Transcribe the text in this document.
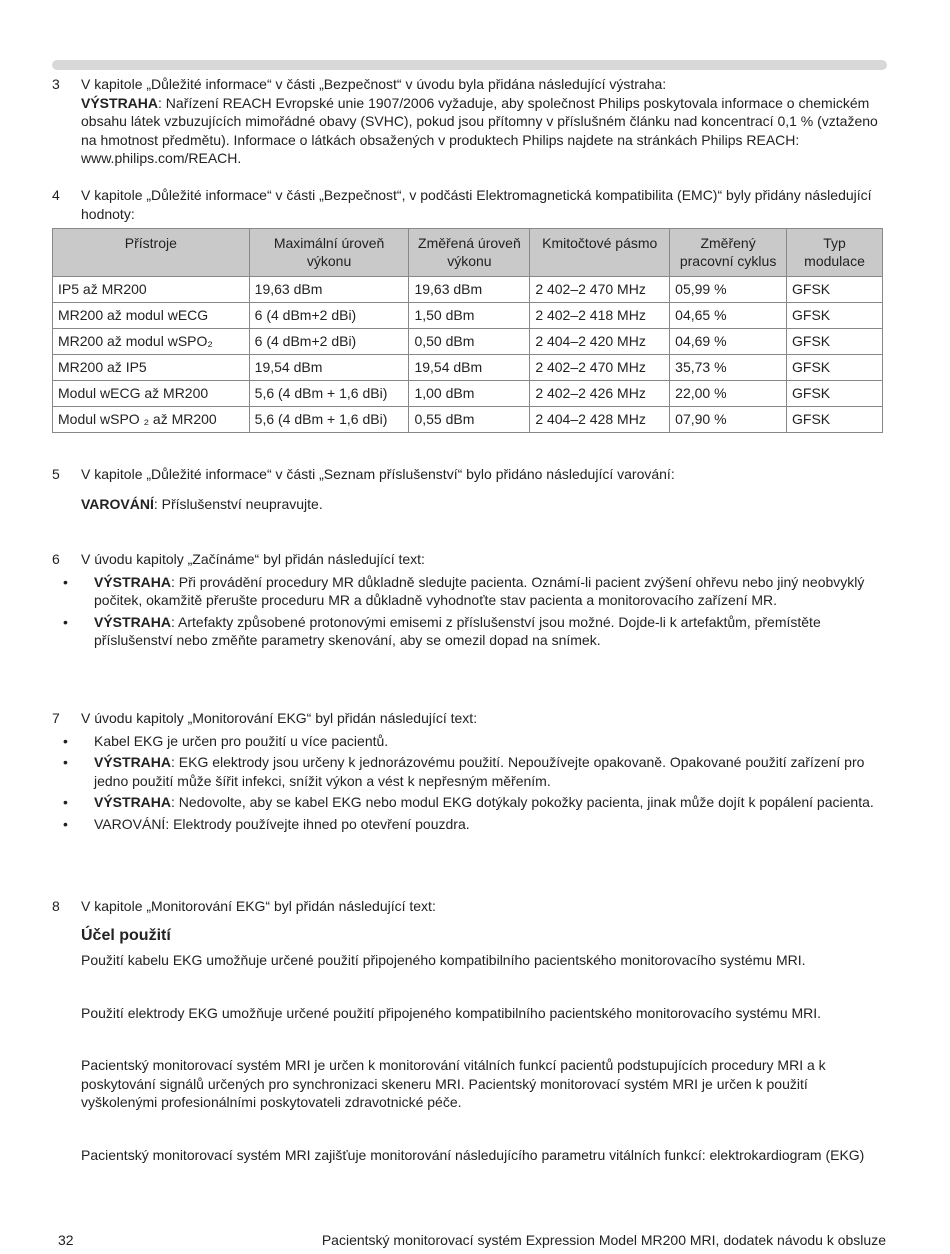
3 V kapitole „Důležité informace“ v části „Bezpečnost“ v úvodu byla přidána následující výstraha:

VÝSTRAHA: Nařízení REACH Evropské unie 1907/2006 vyžaduje, aby společnost Philips poskytovala informace o chemickém obsahu látek vzbuzujících mimořádné obavy (SVHC), pokud jsou přítomny v příslušném článku nad koncentrací 0,1 % (vztaženo na hmotnost předmětu). Informace o látkách obsažených v produktech Philips najdete na stránkách Philips REACH: www.philips.com/REACH.

4 V kapitole „Důležité informace“ v části „Bezpečnost“, v podčásti Elektromagnetická kompatibilita (EMC)“ byly přidány následující hodnoty:

Přístroje	Maximální úroveň výkonu	Změřená úroveň výkonu	Kmitočtové pásmo	Změřený pracovní cyklus	Typ modulace
IP5 až MR200	19,63 dBm	19,63 dBm	2 402–2 470 MHz	05,99 %	GFSK
MR200 až modul wECG	6 (4 dBm+2 dBi)	1,50 dBm	2 402–2 418 MHz	04,65 %	GFSK
MR200 až modul wSPO₂	6 (4 dBm+2 dBi)	0,50 dBm	2 404–2 420 MHz	04,69 %	GFSK
MR200 až IP5	19,54 dBm	19,54 dBm	2 402–2 470 MHz	35,73 %	GFSK
Modul wECG až MR200	5,6 (4 dBm + 1,6 dBi)	1,00 dBm	2 402–2 426 MHz	22,00 %	GFSK
Modul wSPO ₂ až MR200	5,6 (4 dBm + 1,6 dBi)	0,55 dBm	2 404–2 428 MHz	07,90 %	GFSK
5 V kapitole „Důležité informace“ v části „Seznam příslušenství“ bylo přidáno následující varování:

VAROVÁNÍ: Příslušenství neupravujte.

6 V úvodu kapitoly „Začínáme“ byl přidán následující text:

• VÝSTRAHA: Při provádění procedury MR důkladně sledujte pacienta. Oznámí-li pacient zvýšení ohřevu nebo jiný neobvyklý počitek, okamžitě přerušte proceduru MR a důkladně vyhodnoťte stav pacienta a monitorovacího zařízení MR.
• VÝSTRAHA: Artefakty způsobené protonovými emisemi z příslušenství jsou možné. Dojde-li k artefaktům, přemístěte příslušenství nebo změňte parametry skenování, aby se omezil dopad na snímek.
7 V úvodu kapitoly „Monitorování EKG“ byl přidán následující text:

• Kabel EKG je určen pro použití u více pacientů.
• VÝSTRAHA: EKG elektrody jsou určeny k jednorázovému použití. Nepoužívejte opakovaně. Opakované použití zařízení pro jedno použití může šířit infekci, snížit výkon a vést k nepřesným měřením.
• VÝSTRAHA: Nedovolte, aby se kabel EKG nebo modul EKG dotýkaly pokožky pacienta, jinak může dojít k popálení pacienta.
• VAROVÁNÍ: Elektrody používejte ihned po otevření pouzdra.
8 V kapitole „Monitorování EKG“ byl přidán následující text:

Účel použití

Použití kabelu EKG umožňuje určené použití připojeného kompatibilního pacientského monitorovacího systému MRI.

Použití elektrody EKG umožňuje určené použití připojeného kompatibilního pacientského monitorovacího systému MRI.

Pacientský monitorovací systém MRI je určen k monitorování vitálních funkcí pacientů podstupujících procedury MRI a k poskytování signálů určených pro synchronizaci skeneru MRI. Pacientský monitorovací systém MRI je určen k použití vyškolenými profesionálními poskytovateli zdravotnické péče.

Pacientský monitorovací systém MRI zajišťuje monitorování následujícího parametru vitálních funkcí: elektrokardiogram (EKG)

32	Pacientský monitorovací systém Expression Model MR200 MRI, dodatek návodu k obsluze
